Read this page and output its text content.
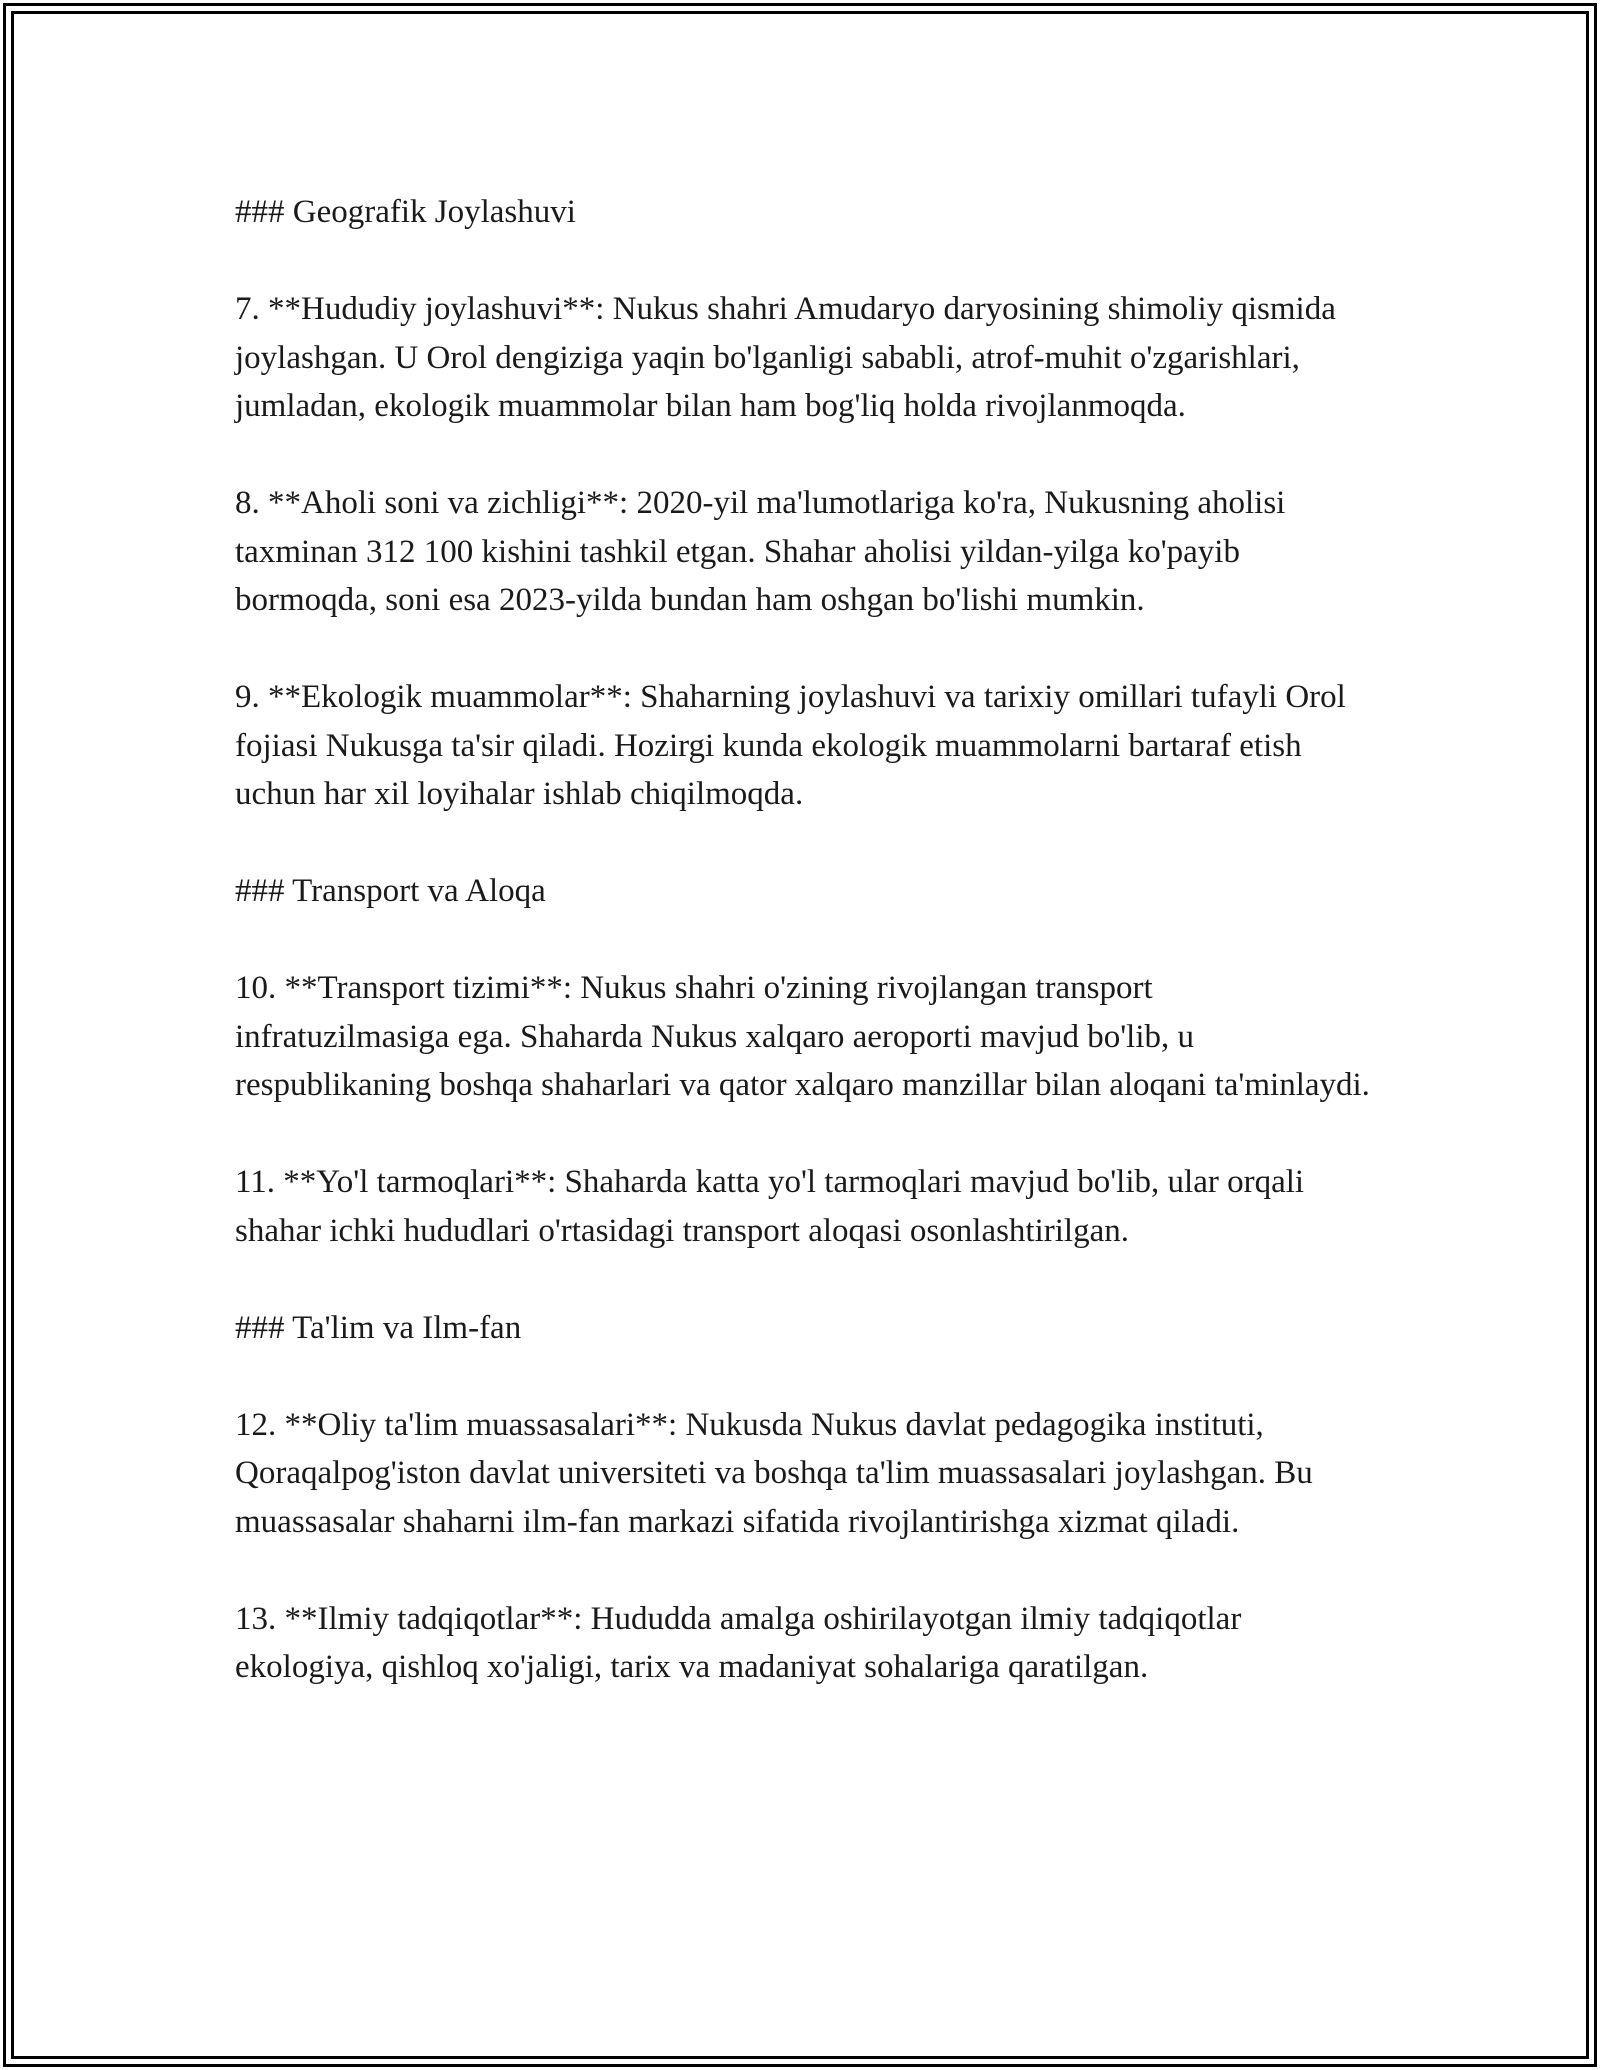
### Geografik Joylashuvi

7. **Hududiy joylashuvi**: Nukus shahri Amudaryo daryosining shimoliy qismida joylashgan. U Orol dengiziga yaqin bo'lganligi sababli, atrof-muhit o'zgarishlari, jumladan, ekologik muammolar bilan ham bog'liq holda rivojlanmoqda.

8. **Aholi soni va zichligi**: 2020-yil ma'lumotlariga ko'ra, Nukusning aholisi taxminan 312 100 kishini tashkil etgan. Shahar aholisi yildan-yilga ko'payib bormoqda, soni esa 2023-yilda bundan ham oshgan bo'lishi mumkin.

9. **Ekologik muammolar**: Shaharning joylashuvi va tarixiy omillari tufayli Orol fojiasi Nukusga ta'sir qiladi. Hozirgi kunda ekologik muammolarni bartaraf etish uchun har xil loyihalar ishlab chiqilmoqda.

### Transport va Aloqa

10. **Transport tizimi**: Nukus shahri o'zining rivojlangan transport infratuzilmasiga ega. Shaharda Nukus xalqaro aeroporti mavjud bo'lib, u respublikaning boshqa shaharlari va qator xalqaro manzillar bilan aloqani ta'minlaydi.

11. **Yo'l tarmoqlari**: Shaharda katta yo'l tarmoqlari mavjud bo'lib, ular orqali shahar ichki hududlari o'rtasidagi transport aloqasi osonlashtirilgan.

### Ta'lim va Ilm-fan

12. **Oliy ta'lim muassasalari**: Nukusda Nukus davlat pedagogika instituti, Qoraqalpog'iston davlat universiteti va boshqa ta'lim muassasalari joylashgan. Bu muassasalar shaharni ilm-fan markazi sifatida rivojlantirishga xizmat qiladi.

13. **Ilmiy tadqiqotlar**: Hududda amalga oshirilayotgan ilmiy tadqiqotlar ekologiya, qishloq xo'jaligi, tarix va madaniyat sohalariga qaratilgan.
